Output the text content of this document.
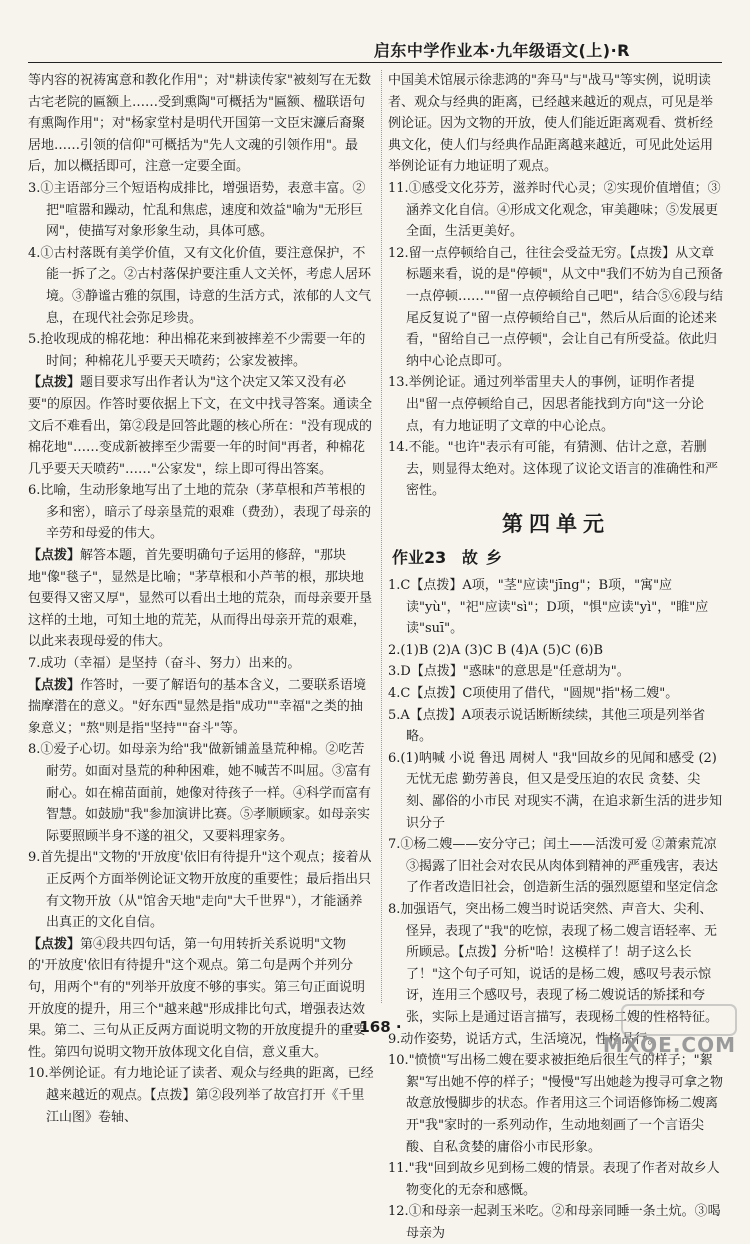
启东中学作业本·九年级语文(上)·R

等内容的祝祷寓意和教化作用"；对"耕读传家"被刻写在无数古宅老院的匾额上……受到熏陶"可概括为"匾额、楹联语句有熏陶作用"；对"杨家堂村是明代开国第一文臣宋濂后裔聚居地……引领的信仰"可概括为"先人文魂的引领作用"。最后，加以概括即可，注意一定要全面。

3.①主语部分三个短语构成排比，增强语势，表意丰富。②把"喧嚣和躁动，忙乱和焦虑，速度和效益"喻为"无形巨网"，使描写对象形象生动，具体可感。

4.①古村落既有美学价值，又有文化价值，要注意保护，不能一拆了之。②古村落保护要注重人文关怀，考虑人居环境。③静谧古雅的氛围，诗意的生活方式，浓郁的人文气息，在现代社会弥足珍贵。

5.抢收现成的棉花地：种出棉花来到被摔差不少需要一年的时间；种棉花儿乎要天天喷药；公家发被摔。

【点拨】题目要求写出作者认为"这个决定又笨又没有必要"的原因。作答时要依据上下文，在文中找寻答案。通读全文后不难看出，第②段是回答此题的核心所在："没有现成的棉花地"……变成新被摔至少需要一年的时间"再者，种棉花几乎要天天喷药"……"公家发"，综上即可得出答案。

6.比喻，生动形象地写出了土地的荒杂（茅草根和芦苇根的多和密），暗示了母亲垦荒的艰难（费劲），表现了母亲的辛劳和母爱的伟大。

【点拨】解答本题，首先要明确句子运用的修辞，"那块地"像"毯子"，显然是比喻；"茅草根和小芦苇的根，那块地包要得又密又厚"，显然可以看出土地的荒杂，而母亲要开垦这样的土地，可知土地的荒芜，从而得出母亲开荒的艰难，以此来表现母爱的伟大。

7.成功（幸福）是坚持（奋斗、努力）出来的。

【点拨】作答时，一要了解语句的基本含义，二要联系语境揣摩潜在的意义。"好东西"显然是指"成功""幸福"之类的抽象意义；"熬"则是指"坚持""奋斗"等。

8.①爱子心切。如母亲为给"我"做新铺盖垦荒种棉。②吃苦耐劳。如面对垦荒的种种困难，她不喊苦不叫屈。③富有耐心。如在棉苗面前，她像对待孩子一样。④科学而富有智慧。如鼓励"我"参加演讲比赛。⑤孝顺顾家。如母亲实际要照顾半身不遂的祖父，又要料理家务。

9.首先提出"文物的'开放度'依旧有待提升"这个观点；接着从正反两个方面举例论证文物开放度的重要性；最后指出只有文物开放（从"馆舍天地"走向"大千世界"），才能涵养出真正的文化自信。

【点拨】第④段共四句话，第一句用转折关系说明"文物的'开放度'依旧有待提升"这个观点。第二句是两个并列分句，用两个"有的"列举开放度不够的事实。第三句正面说明开放度的提升，用三个"越来越"形成排比句式，增强表达效果。第二、三句从正反两方面说明文物的开放度提升的重要性。第四句说明文物开放体现文化自信，意义重大。

10.举例论证。有力地论证了读者、观众与经典的距离，已经越来越近的观点。【点拨】第②段列举了故宫打开《千里江山图》卷轴、

中国美术馆展示徐悲鸿的"奔马"与"战马"等实例，说明读者、观众与经典的距离，已经越来越近的观点，可见是举例论证。因为文物的开放，使人们能近距离观看、赏析经典文化，使人们与经典作品距离越来越近，可见此处运用举例论证有力地证明了观点。

11.①感受文化芬芳，滋养时代心灵；②实现价值增值；③涵养文化自信。④形成文化观念，审美趣味；⑤发展更全面，生活更美好。

12.留一点停顿给自己，往往会受益无穷。【点拨】从文章标题来看，说的是"停顿"，从文中"我们不妨为自己预备一点停顿……""留一点停顿给自己吧"，结合⑤⑥段与结尾反复说了"留一点停顿给自己"，然后从后面的论述来看，"留给自己一点停顿"，会让自己有所受益。依此归纳中心论点即可。

13.举例论证。通过列举雷里夫人的事例，证明作者提出"留一点停顿给自己，因思者能找到方向"这一分论点，有力地证明了文章的中心论点。

14.不能。"也许"表示有可能，有猜测、估计之意，若删去，则显得太绝对。这体现了议论文语言的准确性和严密性。

第四单元
作业23 故乡

1.C【点拨】A项，"茎"应读"jīng"；B项，"寓"应读"yù"，"祀"应读"sì"；D项，"惧"应读"yì"，"睢"应读"suī"。

2.(1)B (2)A (3)C B (4)A (5)C (6)B

3.D【点拨】"惑昧"的意思是"任意胡为"。

4.C【点拨】C项使用了借代，"圆规"指"杨二嫂"。

5.A【点拨】A项表示说话断断续续，其他三项是列举省略。

6.(1)呐喊 小说 鲁迅 周树人 "我"回故乡的见闻和感受 (2)无忧无虑 勤劳善良，但又是受压迫的农民 贪婪、尖刻、鄙俗的小市民 对现实不满，在追求新生活的进步知识分子

7.①杨二嫂——安分守己；闰土——活泼可爱 ②萧索荒凉 ③揭露了旧社会对农民从肉体到精神的严重残害，表达了作者改造旧社会，创造新生活的强烈愿望和坚定信念

8.加强语气，突出杨二嫂当时说话突然、声音大、尖利、怪异，表现了"我"的吃惊，表现了杨二嫂言语轻率、无所顾忌。【点拨】分析"哈！这模样了！胡子这么长了！"这个句子可知，说话的是杨二嫂，感叹号表示惊讶，连用三个感叹号，表现了杨二嫂说话的矫揉和夸张，实际上是通过语言描写，表现杨二嫂的性格特征。

9.动作姿势，说话方式，生活境况，性格品行。

10."愤愤"写出杨二嫂在要求被拒绝后很生气的样子；"絮絮"写出她不停的样子；"慢慢"写出她趁为搜寻可拿之物故意放慢脚步的状态。作者用这三个词语修饰杨二嫂离开"我"家时的一系列动作，生动地刻画了一个言语尖酸、自私贪婪的庸俗小市民形象。

11."我"回到故乡见到杨二嫂的情景。表现了作者对故乡人物变化的无奈和感慨。

12.①和母亲一起剥玉米吃。②和母亲同睡一条土炕。③喝母亲为

· 168 ·
MXQE.COM
